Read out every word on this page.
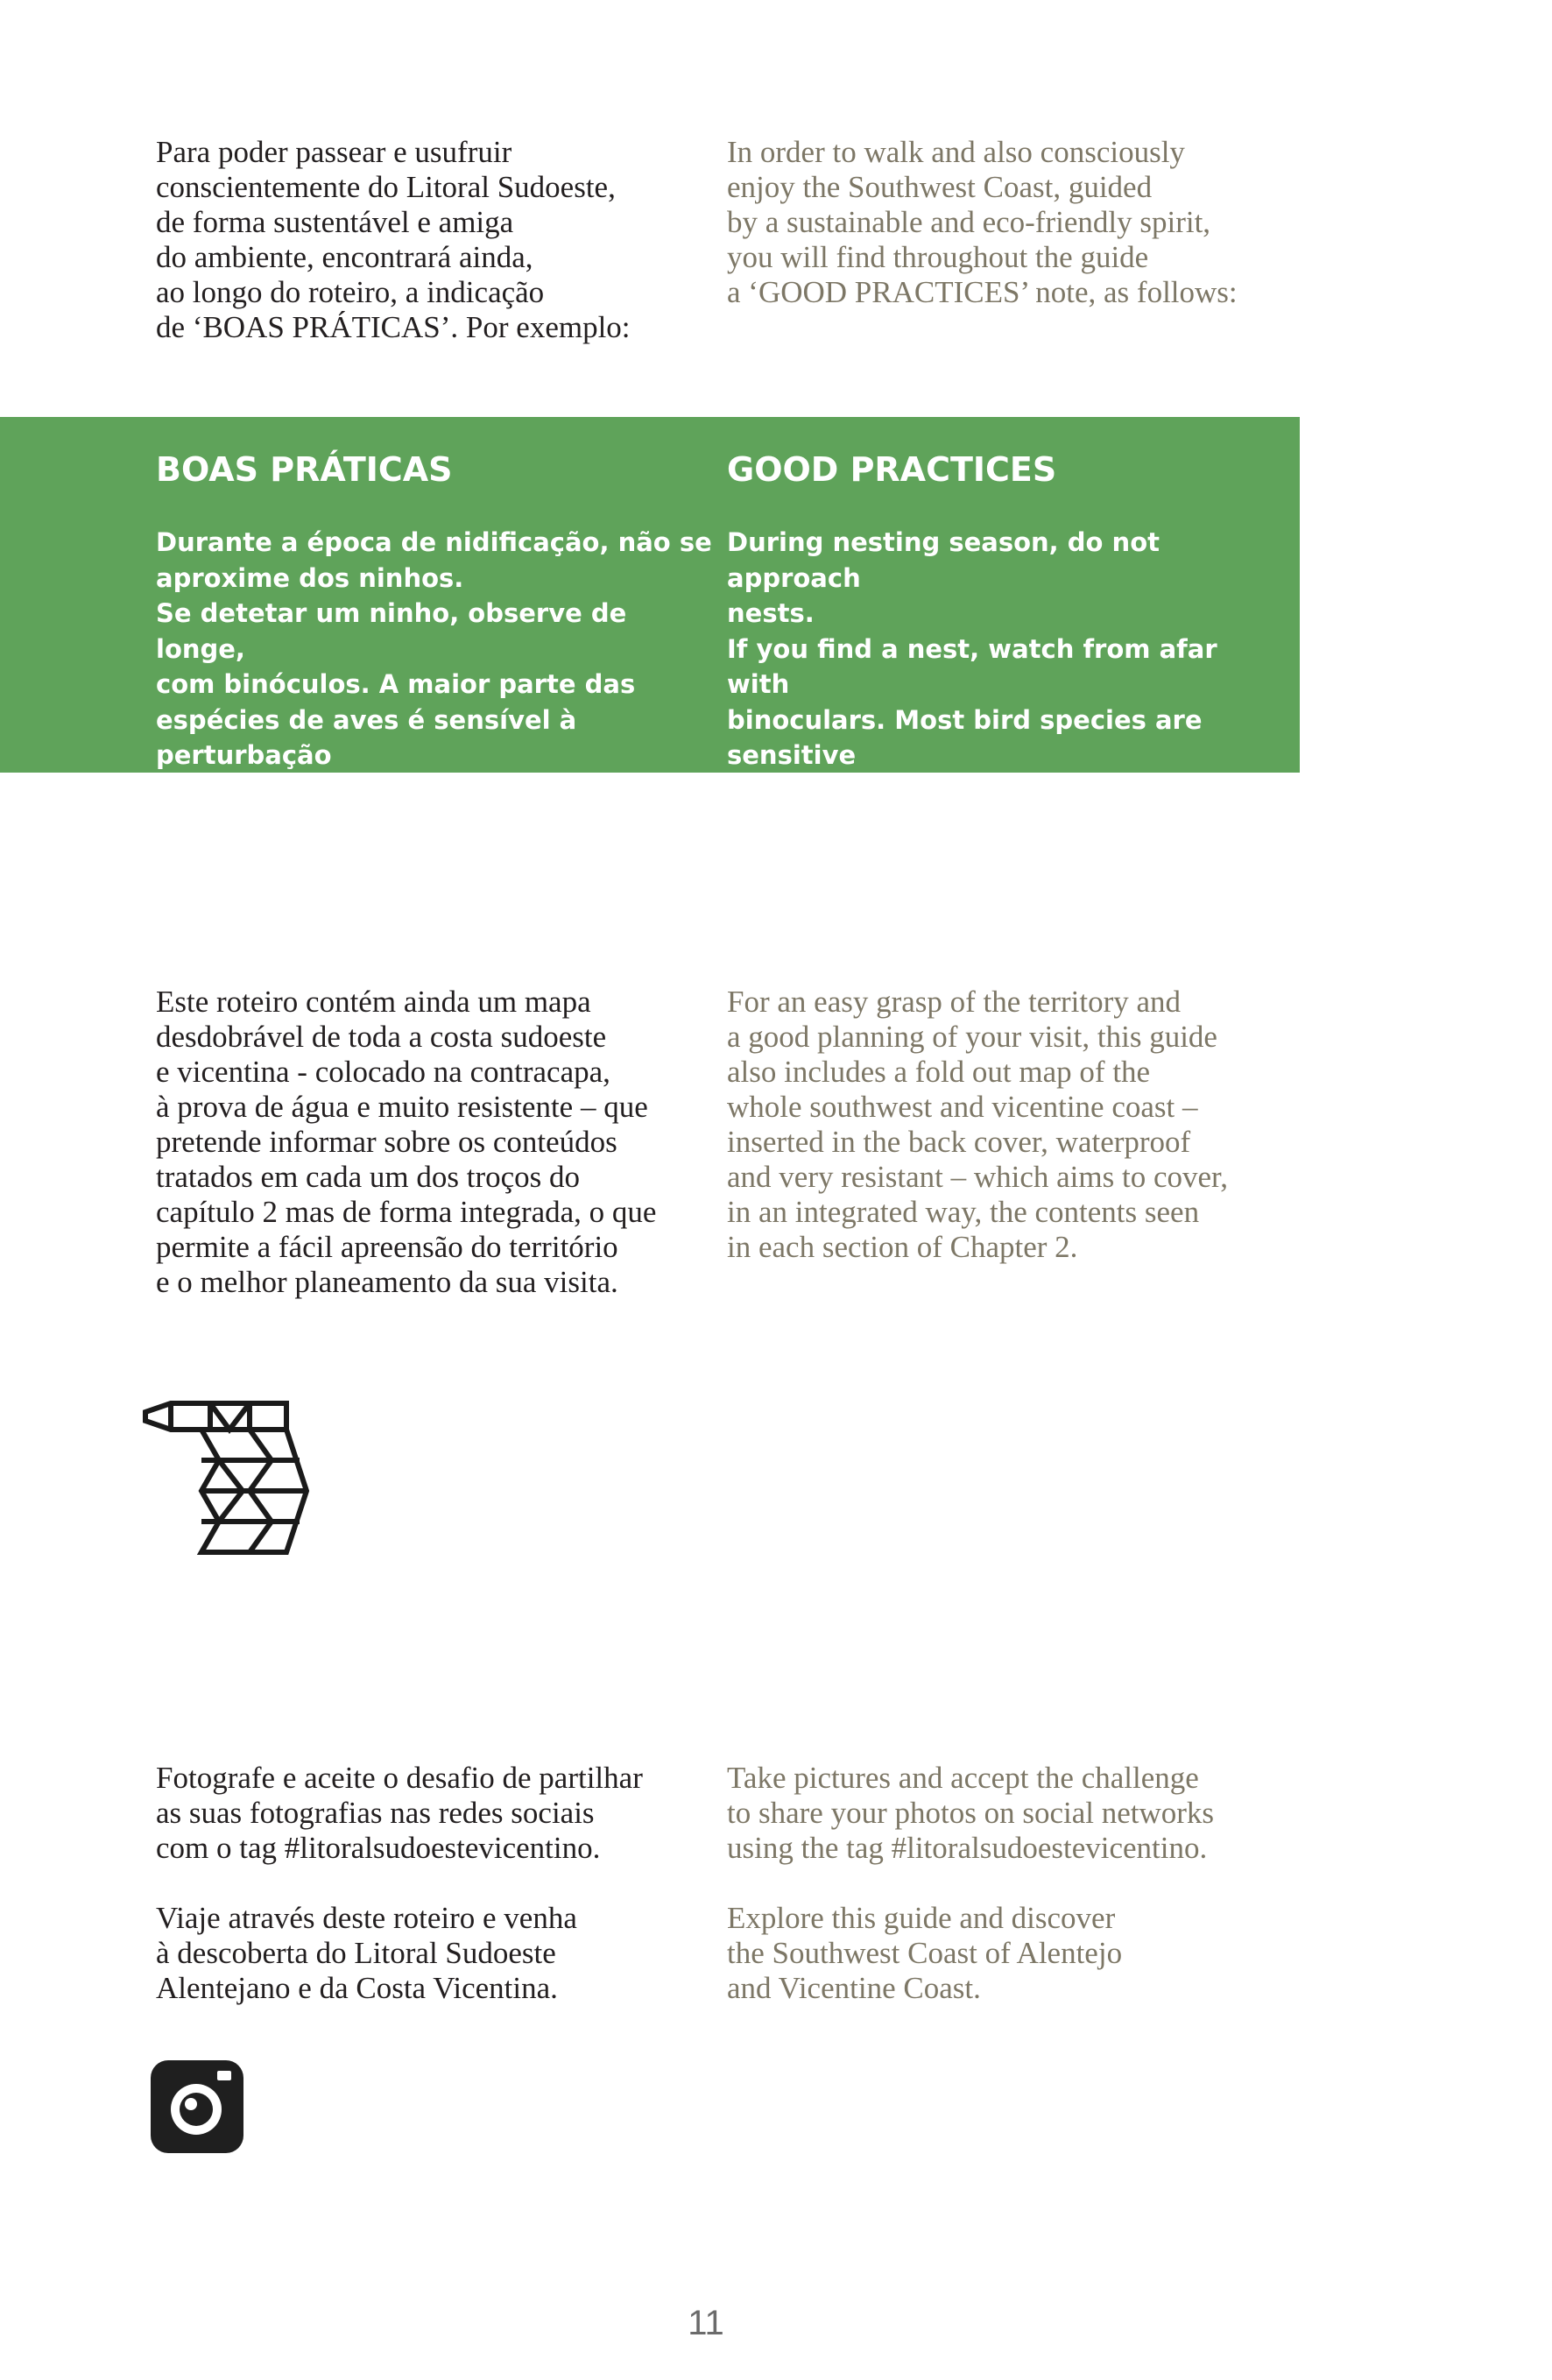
Para poder passear e usufruir
conscientemente do Litoral Sudoeste,
de forma sustentável e amiga
do ambiente, encontrará ainda,
ao longo do roteiro, a indicação
de ‘BOAS PRÁTICAS’. Por exemplo:

In order to walk and also consciously
enjoy the Southwest Coast, guided
by a sustainable and eco-friendly spirit,
you will find throughout the guide
a ‘GOOD PRACTICES’ note, as follows:

BOAS PRÁTICAS

Durante a época de nidificação, não se
aproxime dos ninhos.
Se detetar um ninho, observe de longe,
com binóculos. A maior parte das
espécies de aves é sensível à perturbação
dos locais de nidificação.

GOOD PRACTICES

During nesting season, do not approach
nests.
If you find a nest, watch from afar with
binoculars. Most bird species are sensitive
to disturbance at nest sites.

Este roteiro contém ainda um mapa
desdobrável de toda a costa sudoeste
e vicentina - colocado na contracapa,
à prova de água e muito resistente – que
pretende informar sobre os conteúdos
tratados em cada um dos troços do
capítulo 2 mas de forma integrada, o que
permite a fácil apreensão do território
e o melhor planeamento da sua visita.

For an easy grasp of the territory and
a good planning of your visit, this guide
also includes a fold out map of the
whole southwest and vicentine coast –
inserted in the back cover, waterproof
and very resistant – which aims to cover,
in an integrated way, the contents seen
in each section of Chapter 2.

Fotografe e aceite o desafio de partilhar
as suas fotografias nas redes sociais
com o tag #litoralsudoestevicentino.

Viaje através deste roteiro e venha
à descoberta do Litoral Sudoeste
Alentejano e da Costa Vicentina.

Take pictures and accept the challenge
to share your photos on social networks
using the tag #litoralsudoestevicentino.

Explore this guide and discover
the Southwest Coast of Alentejo
and Vicentine Coast.

11
